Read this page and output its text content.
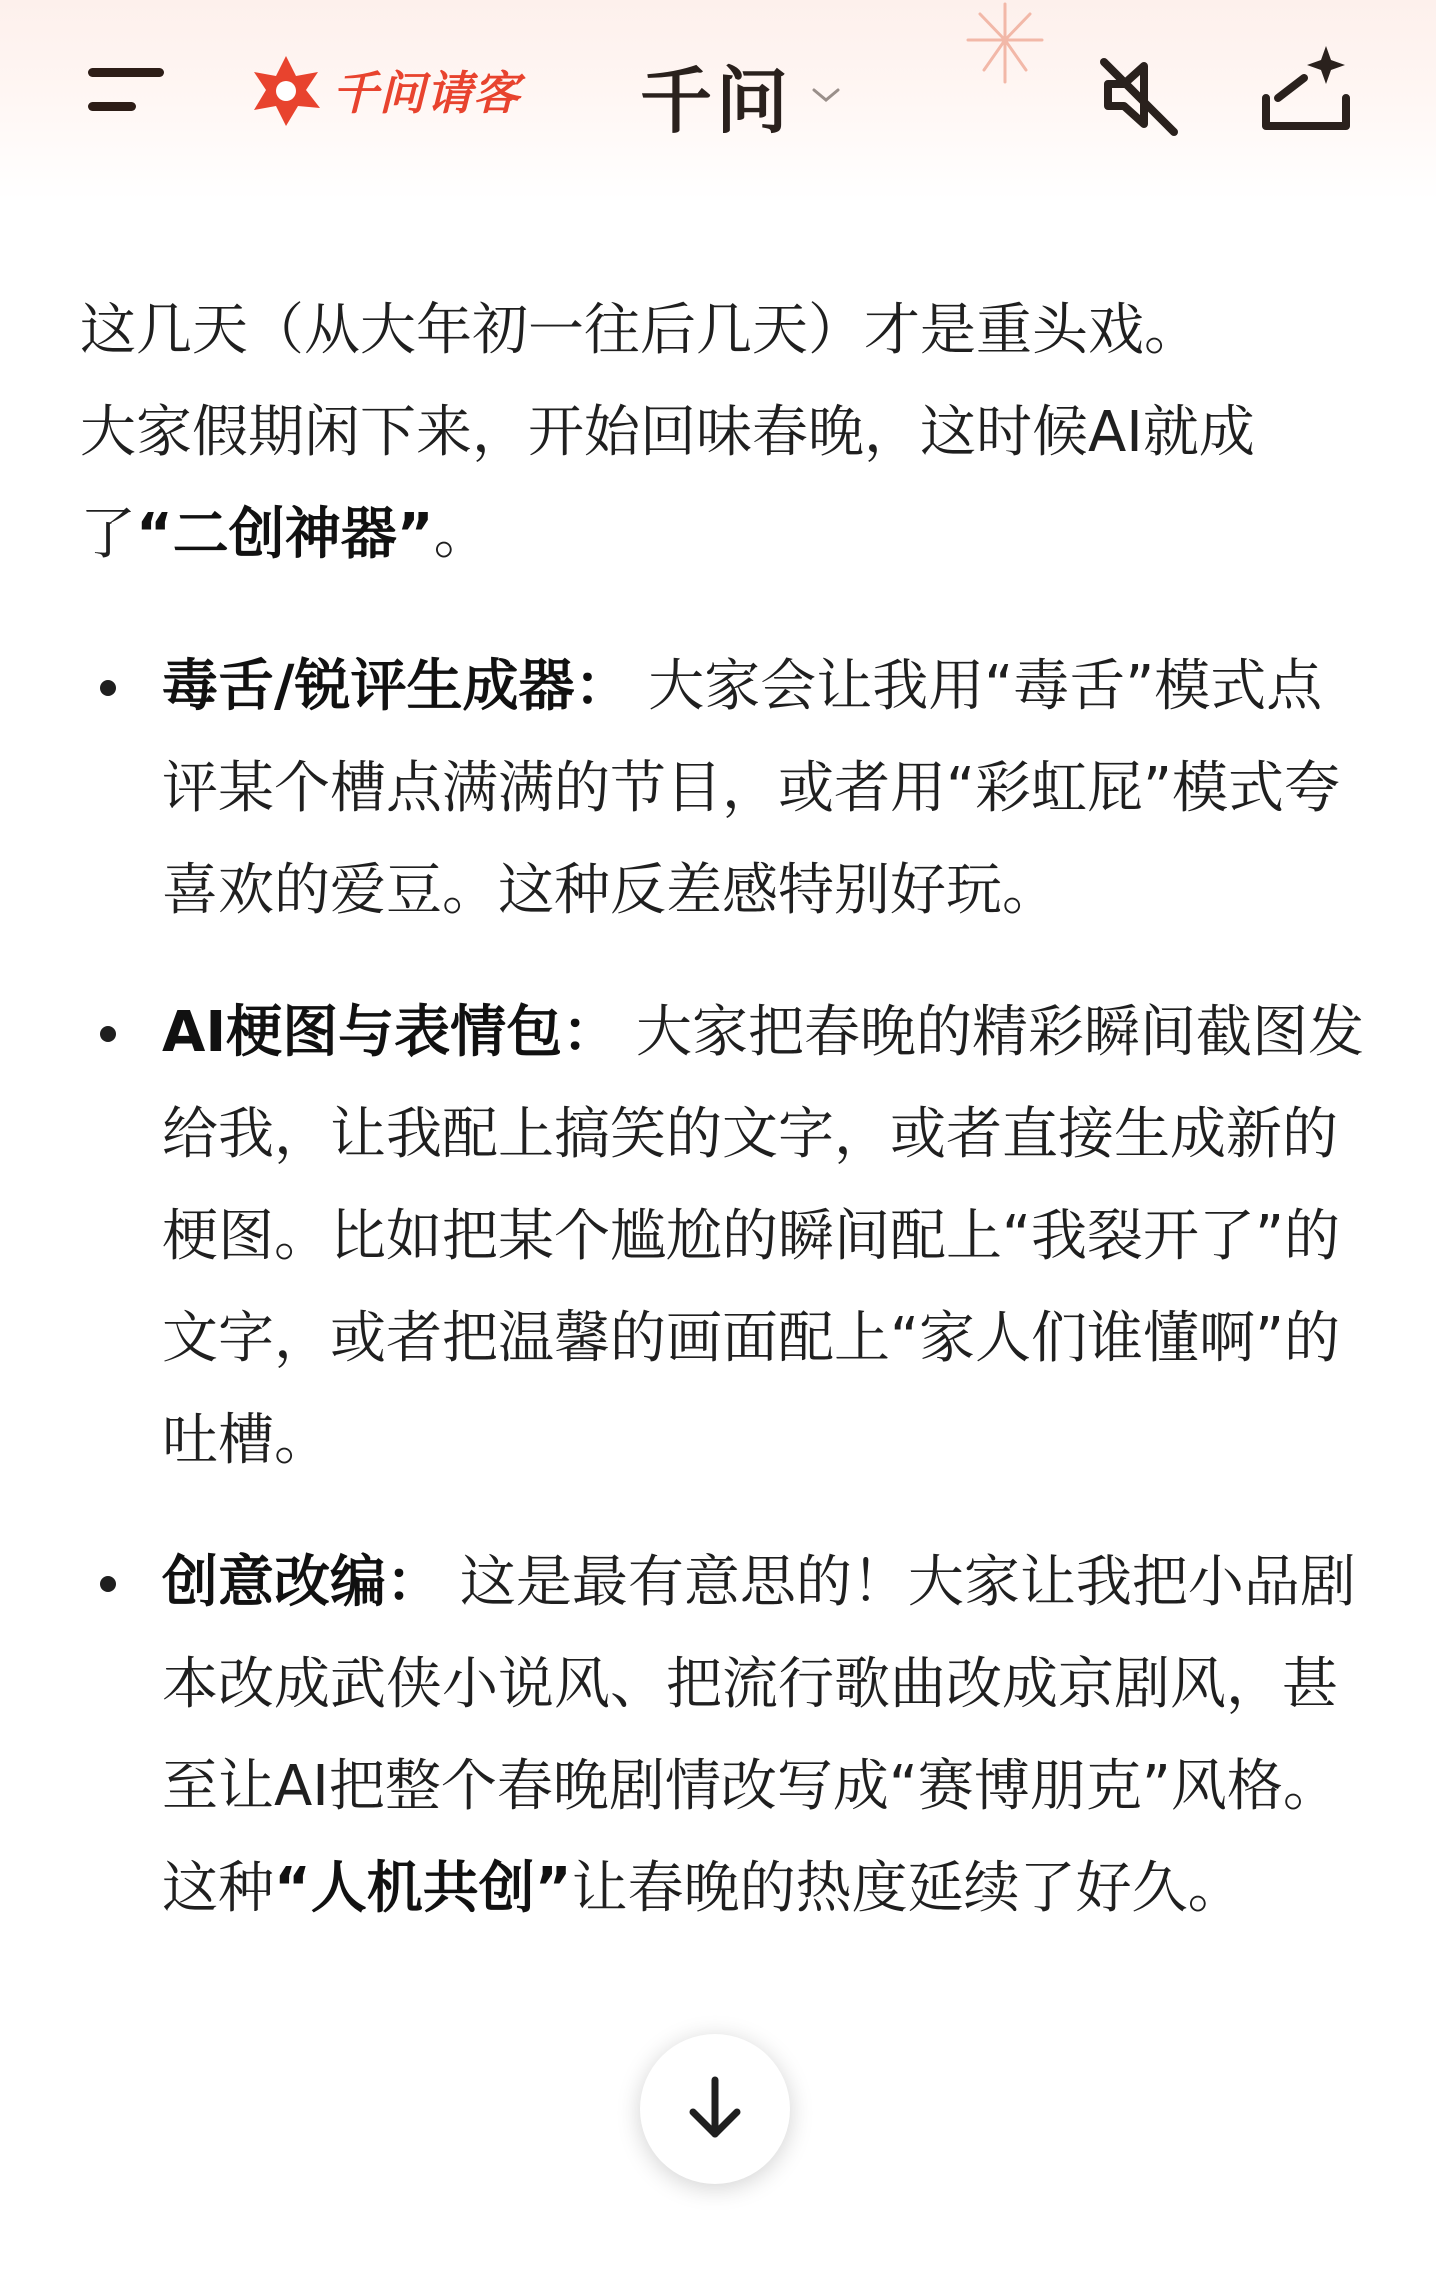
千问请客 千问

这几天（从大年初一往后几天）才是重头戏。
大家假期闲下来，开始回味春晚，这时候AI就成了“二创神器”。

毒舌/锐评生成器： 大家会让我用“毒舌”模式点评某个槽点满满的节目，或者用“彩虹屁”模式夸喜欢的爱豆。这种反差感特别好玩。
AI梗图与表情包： 大家把春晚的精彩瞬间截图发给我，让我配上搞笑的文字，或者直接生成新的梗图。比如把某个尴尬的瞬间配上“我裂开了”的文字，或者把温馨的画面配上“家人们谁懂啊”的吐槽。
创意改编： 这是最有意思的！大家让我把小品剧本改成武侠小说风、把流行歌曲改成京剧风，甚至让AI把整个春晚剧情改写成“赛博朋克”风格。这种“人机共创”让春晚的热度延续了好久。
